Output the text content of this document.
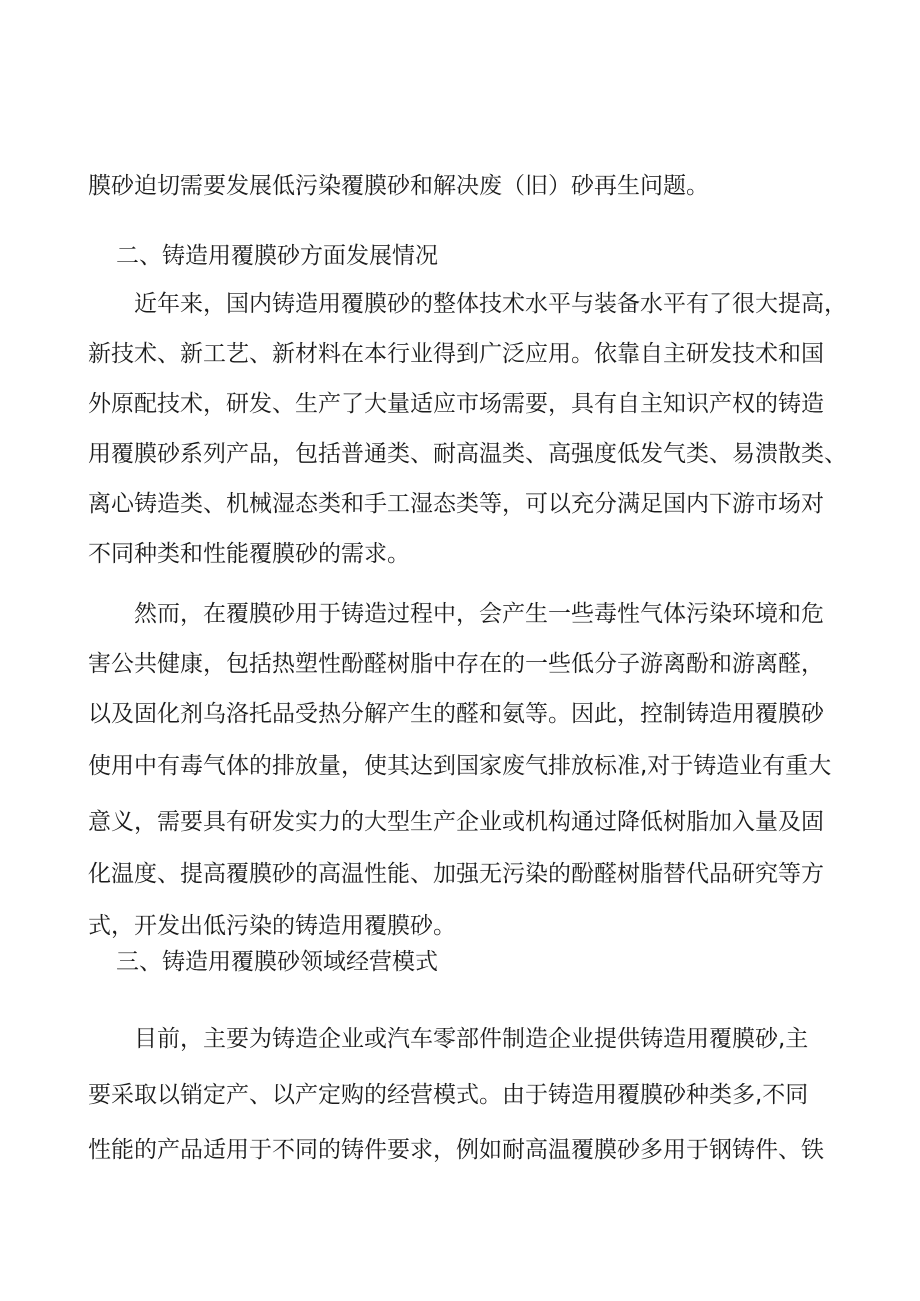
膜砂迫切需要发展低污染覆膜砂和解决废（旧）砂再生问题。
二、铸造用覆膜砂方面发展情况
近年来，国内铸造用覆膜砂的整体技术水平与装备水平有了很大提高，
新技术、新工艺、新材料在本行业得到广泛应用。依靠自主研发技术和国
外原配技术，研发、生产了大量适应市场需要，具有自主知识产权的铸造
用覆膜砂系列产品，包括普通类、耐高温类、高强度低发气类、易溃散类、
离心铸造类、机械湿态类和手工湿态类等，可以充分满足国内下游市场对
不同种类和性能覆膜砂的需求。
然而，在覆膜砂用于铸造过程中，会产生一些毒性气体污染环境和危
害公共健康，包括热塑性酚醛树脂中存在的一些低分子游离酚和游离醛，
以及固化剂乌洛托品受热分解产生的醛和氨等。因此，控制铸造用覆膜砂
使用中有毒气体的排放量，使其达到国家废气排放标准,对于铸造业有重大
意义，需要具有研发实力的大型生产企业或机构通过降低树脂加入量及固
化温度、提高覆膜砂的高温性能、加强无污染的酚醛树脂替代品研究等方
式，开发出低污染的铸造用覆膜砂。
三、铸造用覆膜砂领域经营模式
目前，主要为铸造企业或汽车零部件制造企业提供铸造用覆膜砂,主
要采取以销定产、以产定购的经营模式。由于铸造用覆膜砂种类多,不同
性能的产品适用于不同的铸件要求，例如耐高温覆膜砂多用于钢铸件、铁
